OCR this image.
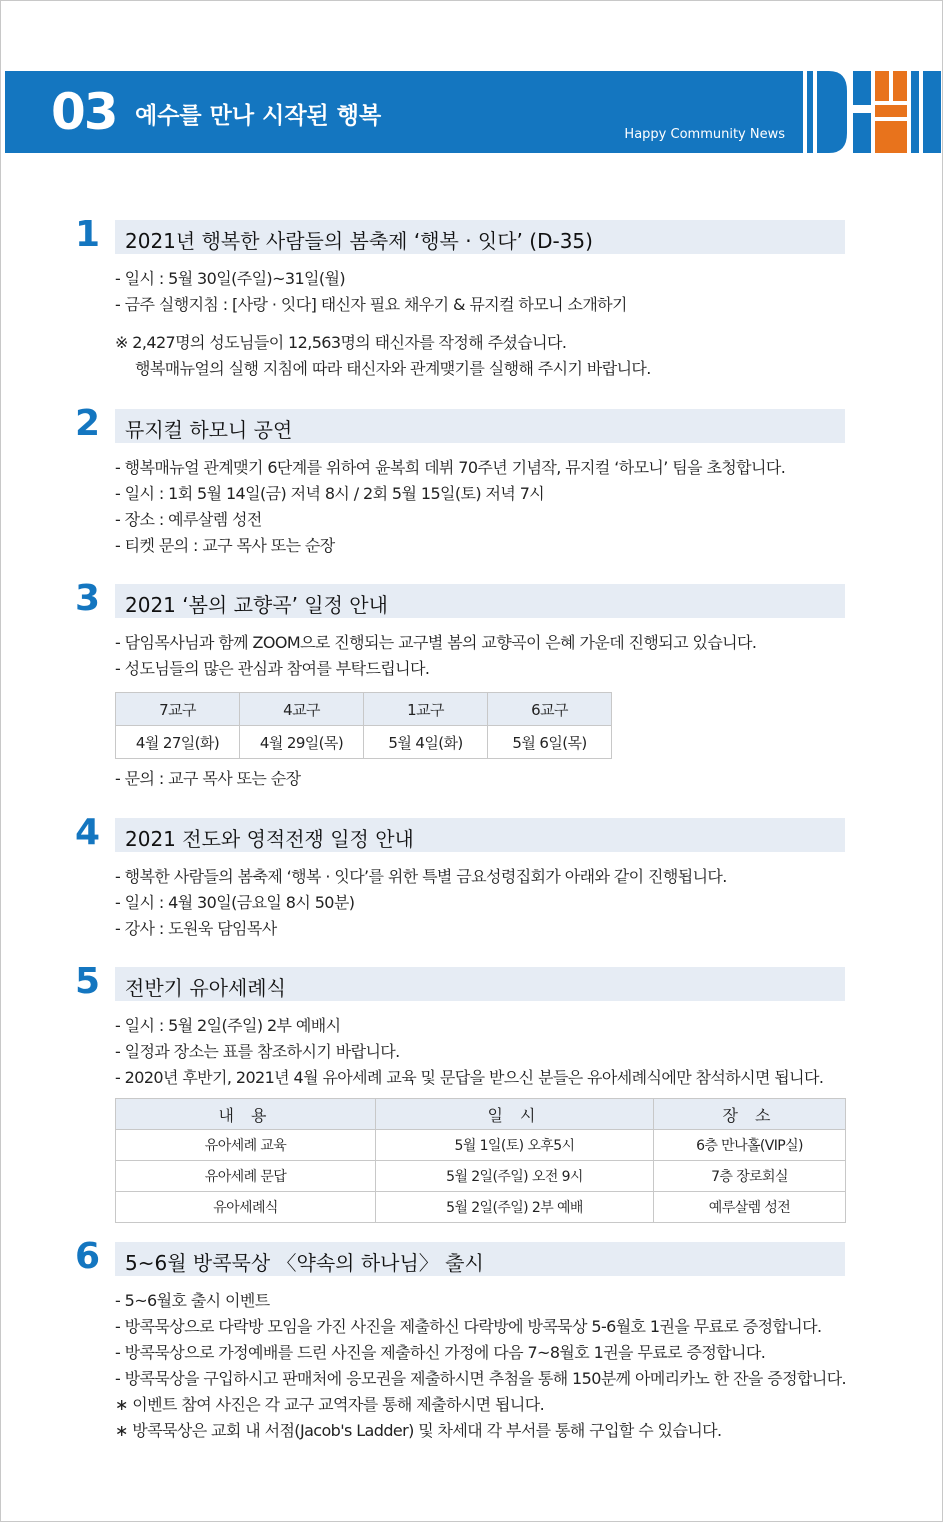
03 예수를 만나 시작된 행복
Happy Community News
1 2021년 행복한 사람들의 봄축제 ‘행복 · 잇다’ (D-35)
- 일시 : 5월 30일(주일)~31일(월)
- 금주 실행지침 : [사랑 · 잇다] 태신자 필요 채우기 & 뮤지컬 하모니 소개하기
※ 2,427명의 성도님들이 12,563명의 태신자를 작정해 주셨습니다.
행복매뉴얼의 실행 지침에 따라 태신자와 관계맺기를 실행해 주시기 바랍니다.
2 뮤지컬 하모니 공연
- 행복매뉴얼 관계맺기 6단계를 위하여 윤복희 데뷔 70주년 기념작, 뮤지컬 ‘하모니’ 팀을 초청합니다.
- 일시 : 1회 5월 14일(금) 저녁 8시 / 2회 5월 15일(토) 저녁 7시
- 장소 : 예루살렘 성전
- 티켓 문의 : 교구 목사 또는 순장
3 2021 ‘봄의 교향곡’ 일정 안내
- 담임목사님과 함께 ZOOM으로 진행되는 교구별 봄의 교향곡이 은혜 가운데 진행되고 있습니다.
- 성도님들의 많은 관심과 참여를 부탁드립니다.
7교구	4교구	1교구	6교구
4월 27일(화)	4월 29일(목)	5월 4일(화)	5월 6일(목)
- 문의 : 교구 목사 또는 순장
4 2021 전도와 영적전쟁 일정 안내
- 행복한 사람들의 봄축제 ‘행복 · 잇다’를 위한 특별 금요성령집회가 아래와 같이 진행됩니다.
- 일시 : 4월 30일(금요일 8시 50분)
- 강사 : 도원욱 담임목사
5 전반기 유아세례식
- 일시 : 5월 2일(주일) 2부 예배시
- 일정과 장소는 표를 참조하시기 바랍니다.
- 2020년 후반기, 2021년 4월 유아세례 교육 및 문답을 받으신 분들은 유아세례식에만 참석하시면 됩니다.
내 용	일 시	장 소
유아세례 교육	5월 1일(토) 오후5시	6층 만나홀(VIP실)
유아세례 문답	5월 2일(주일) 오전 9시	7층 장로회실
유아세례식	5월 2일(주일) 2부 예배	예루살렘 성전
6 5~6월 방콕묵상 〈약속의 하나님〉 출시
- 5~6월호 출시 이벤트
- 방콕묵상으로 다락방 모임을 가진 사진을 제출하신 다락방에 방콕묵상 5-6월호 1권을 무료로 증정합니다.
- 방콕묵상으로 가정예배를 드린 사진을 제출하신 가정에 다음 7~8월호 1권을 무료로 증정합니다.
- 방콕묵상을 구입하시고 판매처에 응모권을 제출하시면 추첨을 통해 150분께 아메리카노 한 잔을 증정합니다.
∗ 이벤트 참여 사진은 각 교구 교역자를 통해 제출하시면 됩니다.
∗ 방콕묵상은 교회 내 서점(Jacob's Ladder) 및 차세대 각 부서를 통해 구입할 수 있습니다.
